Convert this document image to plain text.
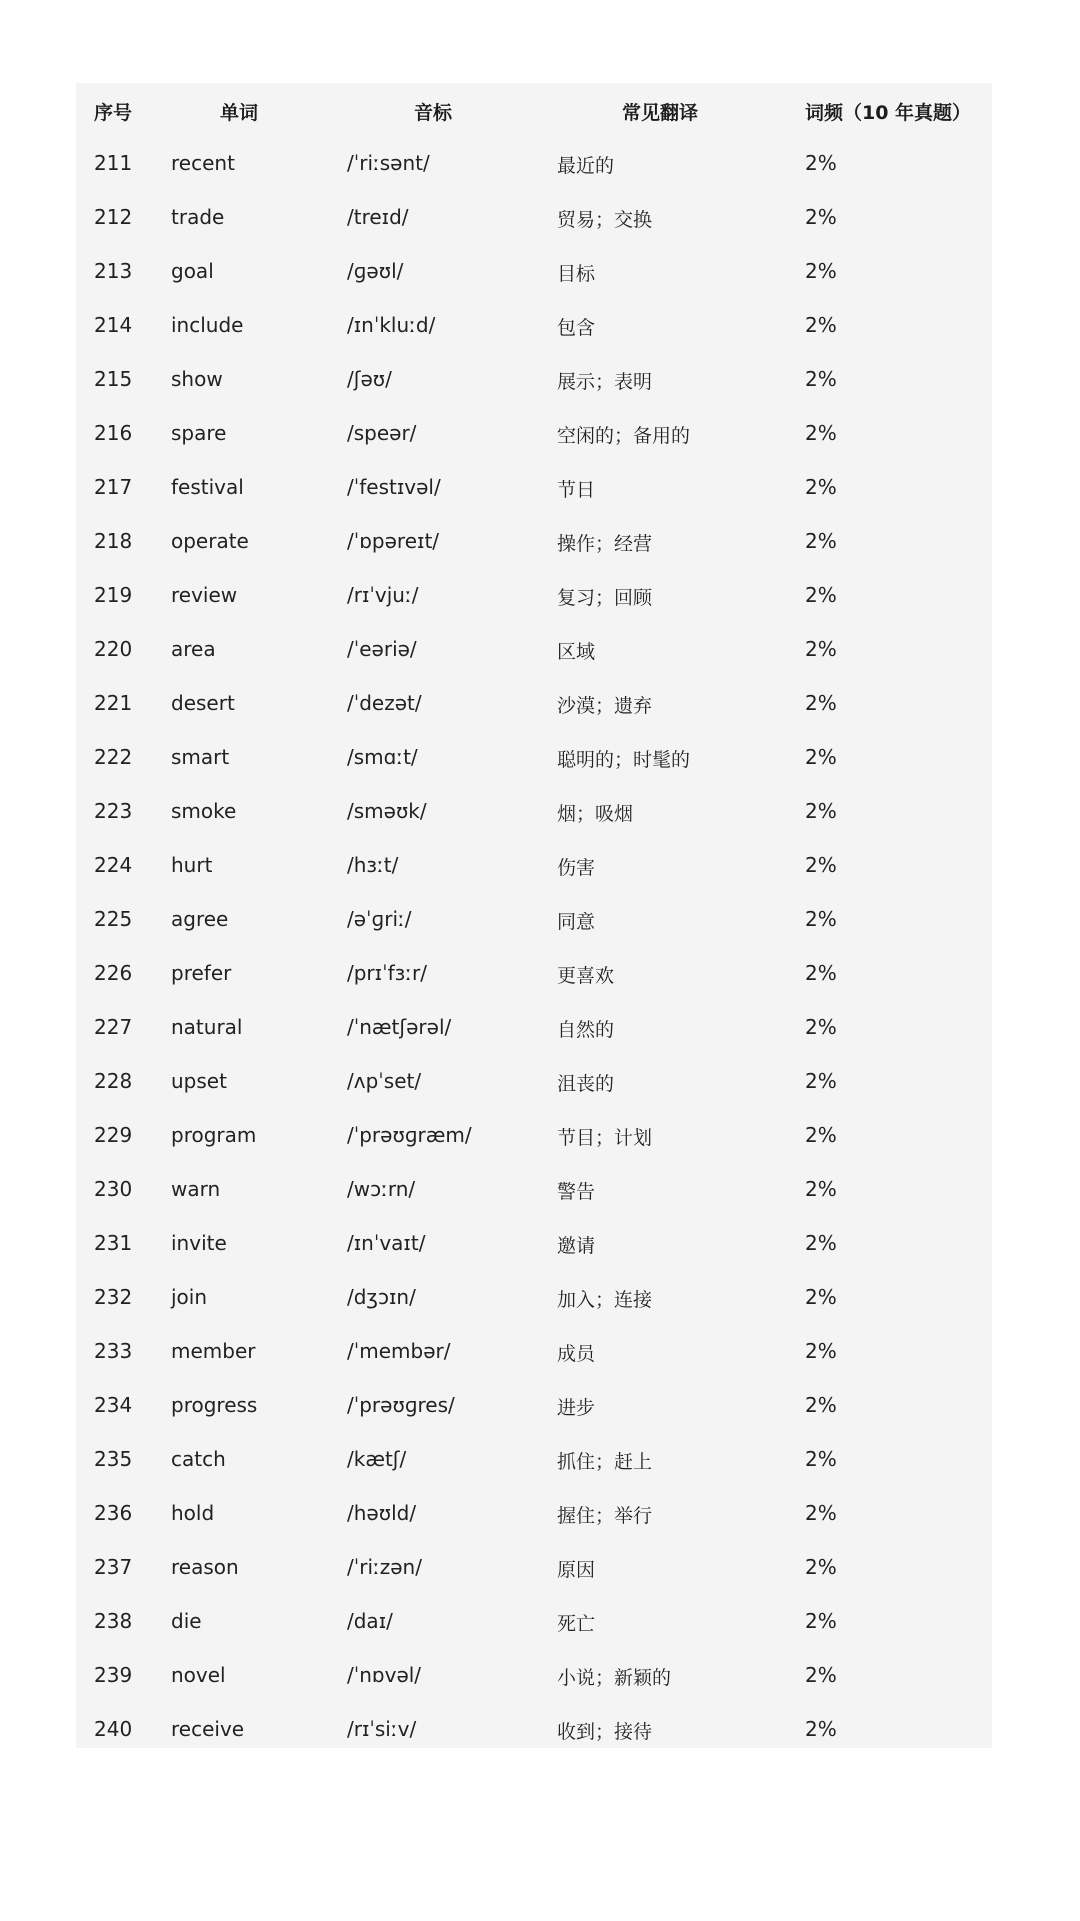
序号	单词	音标	常见翻译	词频（10 年真题）
211 recent	/ˈriːsənt/	最近的	2%
212 trade	/treɪd/	贸易；交换	2%
213 goal	/ɡəʊl/	目标	2%
214 include	/ɪnˈkluːd/	包含	2%
215 show	/ʃəʊ/	展示；表明	2%
216 spare	/speər/	空闲的；备用的	2%
217 festival	/ˈfestɪvəl/	节日	2%
218 operate	/ˈɒpəreɪt/	操作；经营	2%
219 review	/rɪˈvjuː/	复习；回顾	2%
220 area	/ˈeəriə/	区域	2%
221 desert	/ˈdezət/	沙漠；遗弃	2%
222 smart	/smɑːt/	聪明的；时髦的	2%
223 smoke	/sməʊk/	烟；吸烟	2%
224 hurt	/hɜːt/	伤害	2%
225 agree	/əˈɡriː/	同意	2%
226 prefer	/prɪˈfɜːr/	更喜欢	2%
227 natural	/ˈnætʃərəl/	自然的	2%
228 upset	/ʌpˈset/	沮丧的	2%
229 program	/ˈprəʊɡræm/	节目；计划	2%
230 warn	/wɔːrn/	警告	2%
231 invite	/ɪnˈvaɪt/	邀请	2%
232 join	/dʒɔɪn/	加入；连接	2%
233 member	/ˈmembər/	成员	2%
234 progress	/ˈprəʊɡres/	进步	2%
235 catch	/kætʃ/	抓住；赶上	2%
236 hold	/həʊld/	握住；举行	2%
237 reason	/ˈriːzən/	原因	2%
238 die	/daɪ/	死亡	2%
239 novel	/ˈnɒvəl/	小说；新颖的	2%
240 receive	/rɪˈsiːv/	收到；接待	2%
